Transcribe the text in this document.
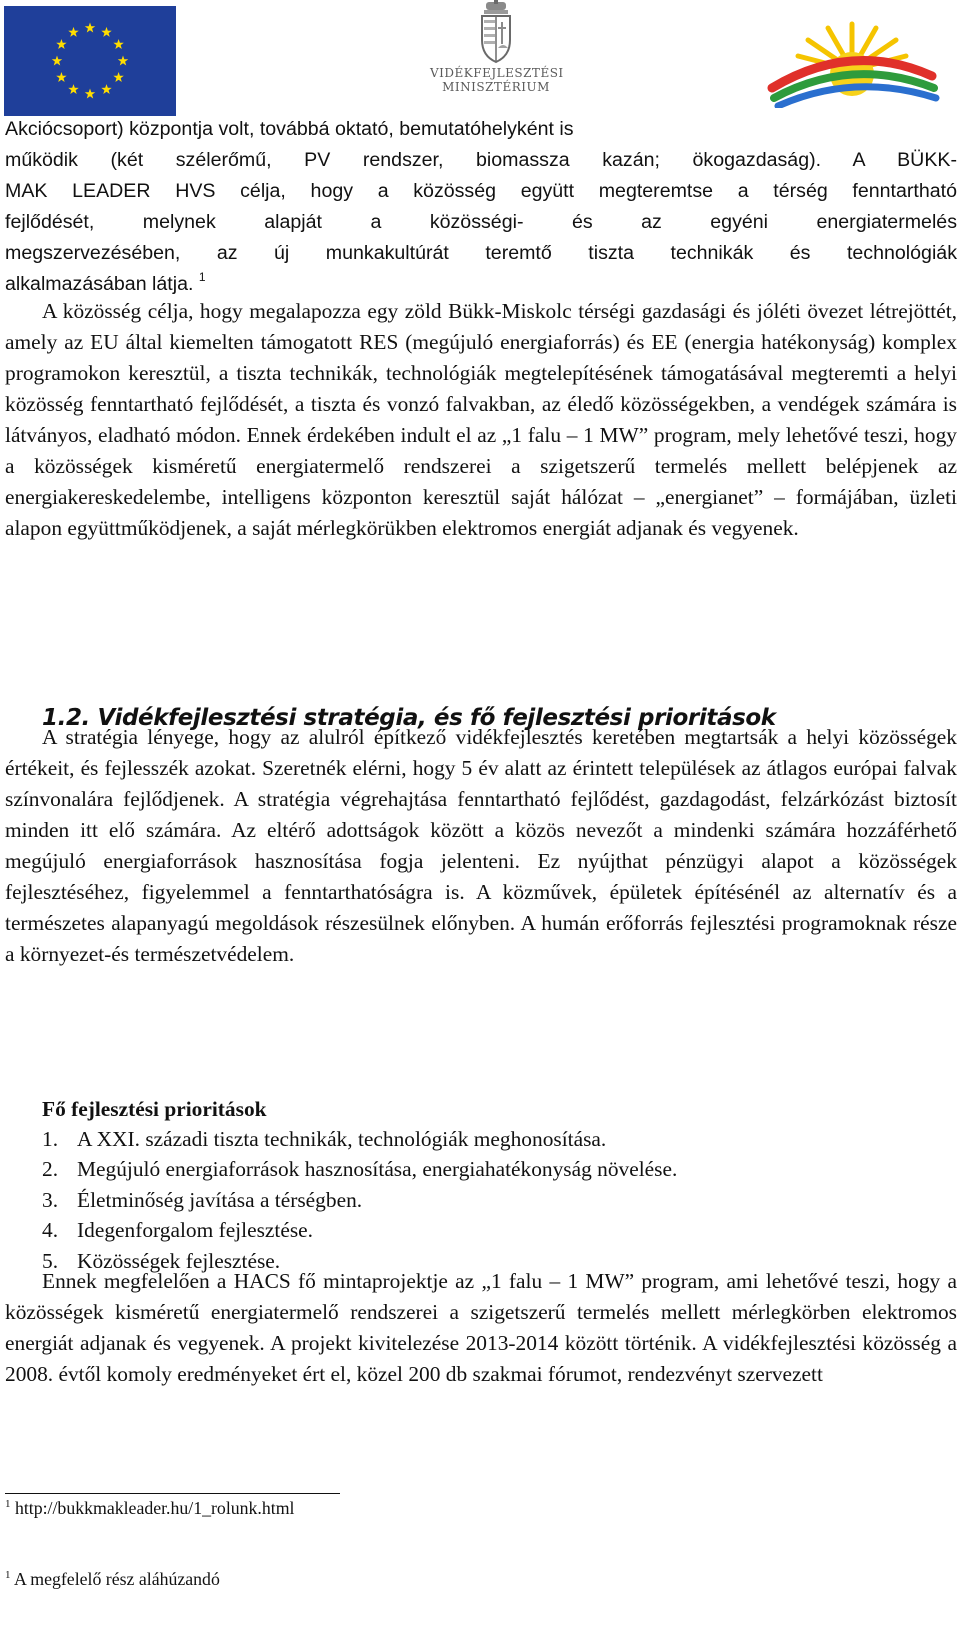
VIDÉKFEJLESZTÉSI
MINISZTÉRIUM
Akciócsoport) központja volt, továbbá oktató, bemutatóhelyként is
működik (két szélerőmű, PV rendszer, biomassza kazán; ökogazdaság). A BÜKK-
MAK LEADER HVS célja, hogy a közösség együtt megteremtse a térség fenntartható
fejlődését, melynek alapját a közösségi- és az egyéni energiatermelés
megszervezésében, az új munkakultúrát teremtő tiszta technikák és technológiák
alkalmazásában látja. $^1$

A közösség célja, hogy megalapozza egy zöld Bükk-Miskolc térségi gazdasági és jóléti övezet létrejöttét, amely az EU által kiemelten támogatott RES (megújuló energiaforrás) és EE (energia hatékonyság) komplex programokon keresztül, a tiszta technikák, technológiák megtelepítésének támogatásával megteremti a helyi közösség fenntartható fejlődését, a tiszta és vonzó falvakban, az éledő közösségekben, a vendégek számára is látványos, eladható módon. Ennek érdekében indult el az „1 falu – 1 MW” program, mely lehetővé teszi, hogy a közösségek kisméretű energiatermelő rendszerei a szigetszerű termelés mellett belépjenek az energiakereskedelembe, intelligens központon keresztül saját hálózat – „energianet” – formájában, üzleti alapon együttműködjenek, a saját mérlegkörükben elektromos energiát adjanak és vegyenek.

1.2. Vidékfejlesztési stratégia, és fő fejlesztési prioritások

A stratégia lényege, hogy az alulról építkező vidékfejlesztés keretében megtartsák a helyi közösségek értékeit, és fejlesszék azokat. Szeretnék elérni, hogy 5 év alatt az érintett települések az átlagos európai falvak színvonalára fejlődjenek. A stratégia végrehajtása fenntartható fejlődést, gazdagodást, felzárkózást biztosít minden itt elő számára. Az eltérő adottságok között a közös nevezőt a mindenki számára hozzáférhető megújuló energiaforrások hasznosítása fogja jelenteni. Ez nyújthat pénzügyi alapot a közösségek fejlesztéséhez, figyelemmel a fenntarthatóságra is. A közművek, épületek építésénél az alternatív és a természetes alapanyagú megoldások részesülnek előnyben. A humán erőforrás fejlesztési programoknak része a környezet-és természetvédelem.

Fő fejlesztési prioritások
1. A XXI. századi tiszta technikák, technológiák meghonosítása.
2. Megújuló energiaforrások hasznosítása, energiahatékonyság növelése.
3. Életminőség javítása a térségben.
4. Idegenforgalom fejlesztése.
5. Közösségek fejlesztése.

Ennek megfelelően a HACS fő mintaprojektje az „1 falu – 1 MW” program, ami lehetővé teszi, hogy a közösségek kisméretű energiatermelő rendszerei a szigetszerű termelés mellett mérlegkörben elektromos energiát adjanak és vegyenek. A projekt kivitelezése 2013-2014 között történik. A vidékfejlesztési közösség a 2008. évtől komoly eredményeket ért el, közel 200 db szakmai fórumot, rendezvényt szervezett

$^1$ http://bukkmakleader.hu/1_rolunk.html

$^1$ A megfelelő rész aláhúzandó
